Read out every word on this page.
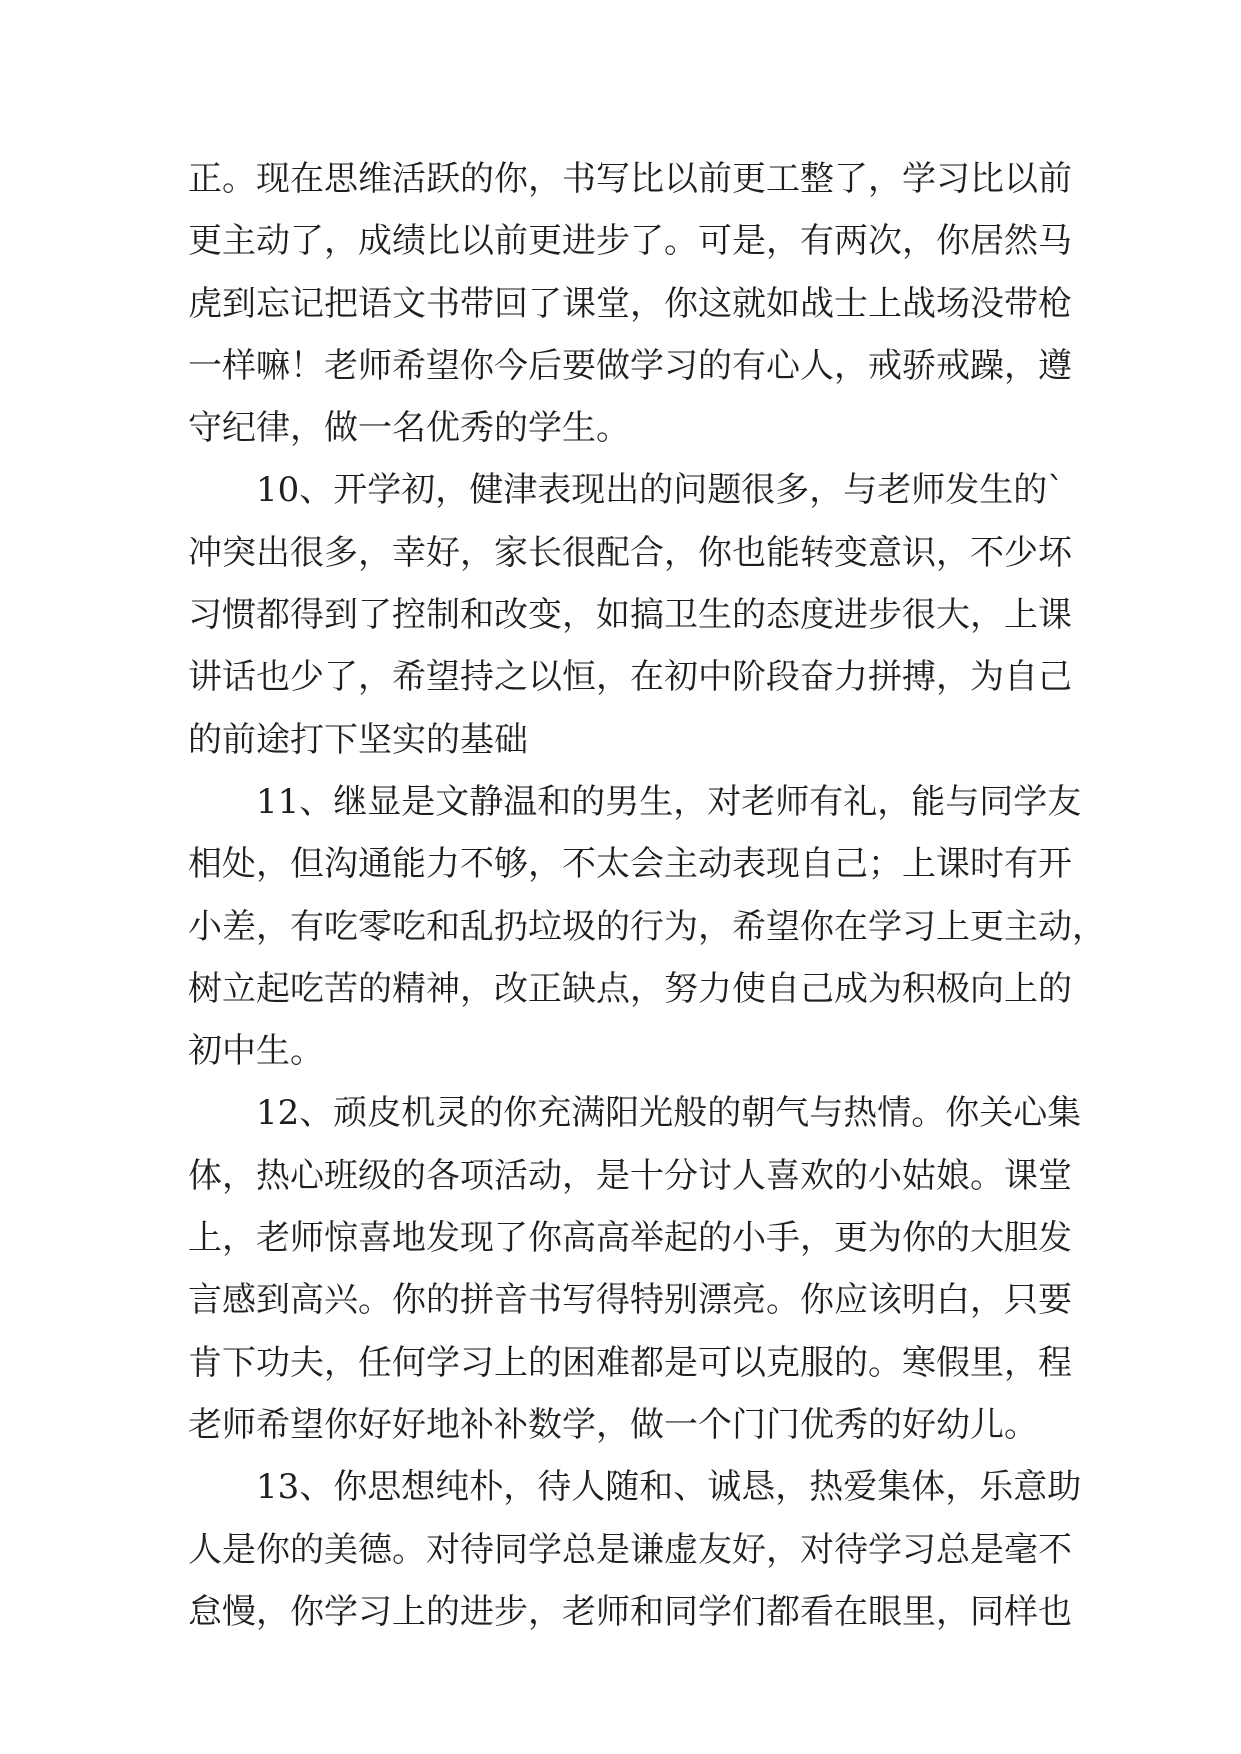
正。现在思维活跃的你，书写比以前更工整了，学习比以前
更主动了，成绩比以前更进步了。可是，有两次，你居然马
虎到忘记把语文书带回了课堂，你这就如战士上战场没带枪
一样嘛！老师希望你今后要做学习的有心人，戒骄戒躁，遵
守纪律，做一名优秀的学生。
10、开学初，健津表现出的问题很多，与老师发生的`
冲突出很多，幸好，家长很配合，你也能转变意识，不少坏
习惯都得到了控制和改变，如搞卫生的态度进步很大，上课
讲话也少了，希望持之以恒，在初中阶段奋力拼搏，为自己
的前途打下坚实的基础
11、继显是文静温和的男生，对老师有礼，能与同学友
相处，但沟通能力不够，不太会主动表现自己；上课时有开
小差，有吃零吃和乱扔垃圾的行为，希望你在学习上更主动，
树立起吃苦的精神，改正缺点，努力使自己成为积极向上的
初中生。
12、顽皮机灵的你充满阳光般的朝气与热情。你关心集
体，热心班级的各项活动，是十分讨人喜欢的小姑娘。课堂
上，老师惊喜地发现了你高高举起的小手，更为你的大胆发
言感到高兴。你的拼音书写得特别漂亮。你应该明白，只要
肯下功夫，任何学习上的困难都是可以克服的。寒假里，程
老师希望你好好地补补数学，做一个门门优秀的好幼儿。
13、你思想纯朴，待人随和、诚恳，热爱集体，乐意助
人是你的美德。对待同学总是谦虚友好，对待学习总是毫不
怠慢，你学习上的进步，老师和同学们都看在眼里，同样也
